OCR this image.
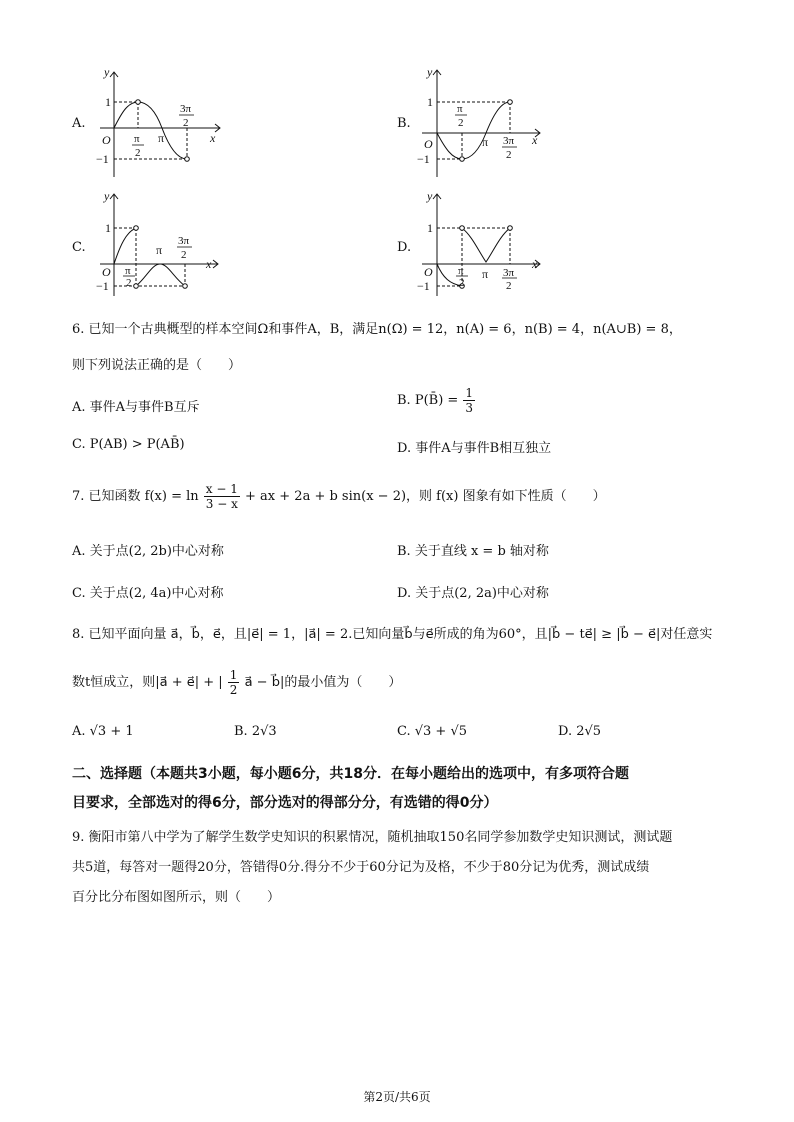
A.
y
x
O
1
−1
π
2
π
3π
2	B.
y
x
O
1
−1
π
2
π 3π
2
C.
y
x
O
1
−1
π
2
π
3π
2	D.
y
x
O
1
−1
π
2
π 3π
2
6. 已知一个古典概型的样本空间Ω和事件A，B，满足n(Ω) = 12，n(A) = 6，n(B) = 4，n(A∪B) = 8，
则下列说法正确的是（　　）
A. 事件A与事件B互斥	B. P(B̄) = $\frac{1}{3}$
C. P(AB) > P(AB̄)	D. 事件A与事件B相互独立
7. 已知函数 $f(x) = \ln \frac{x - 1}{3 - x}$ + ax + 2a + b sin(x − 2)，则 f(x) 图象有如下性质（　　）
A. 关于点(2, 2b)中心对称	B. 关于直线 x = b 轴对称
C. 关于点(2, 4a)中心对称	D. 关于点(2, 2a)中心对称
8. 已知平面向量 a⃗，b⃗，e⃗，且|e⃗| = 1，|a⃗| = 2.已知向量b⃗与e⃗所成的角为60°，且|b⃗ − te⃗| ≥ |b⃗ − e⃗|对任意实
数t恒成立，则|a⃗ + e⃗| + | $\frac{1}{2}$ a⃗ − b⃗|的最小值为（　　）
A. √3 + 1	B. 2√3	C. √3 + √5	D. 2√5
二、选择题（本题共3小题，每小题6分，共18分．在每小题给出的选项中，有多项符合题
目要求，全部选对的得6分，部分选对的得部分分，有选错的得0分）
9. 衡阳市第八中学为了解学生数学史知识的积累情况，随机抽取150名同学参加数学史知识测试，测试题
共5道，每答对一题得20分，答错得0分.得分不少于60分记为及格，不少于80分记为优秀，测试成绩
百分比分布图如图所示，则（　　）
第2页/共6页
